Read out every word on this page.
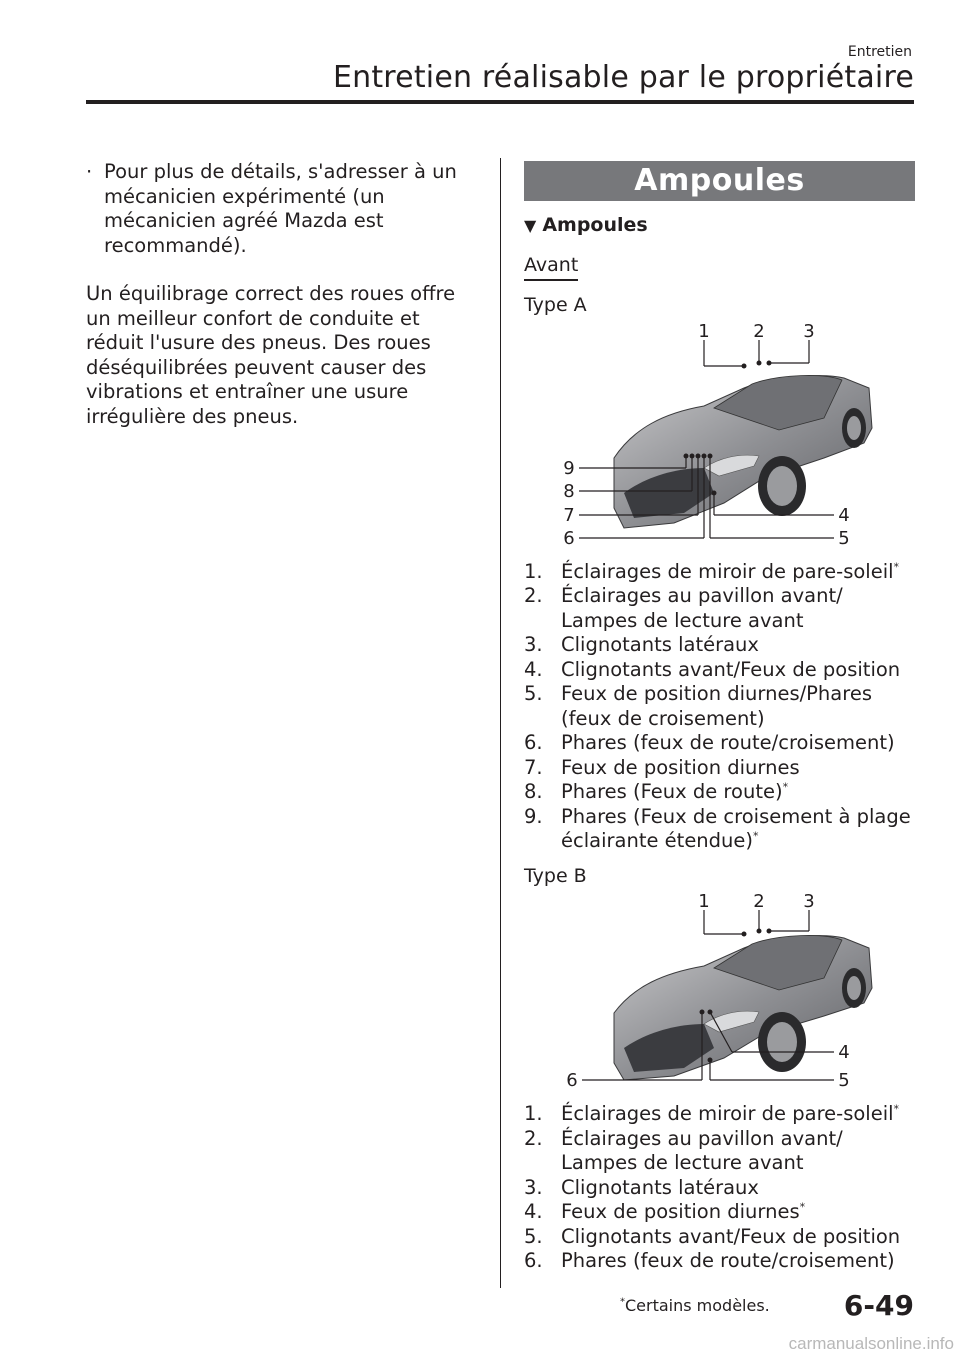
Entretien
Entretien réalisable par le propriétaire
· Pour plus de détails, s'adresser à un mécanicien expérimenté (un mécanicien agréé Mazda est recommandé).

Un équilibrage correct des roues offre un meilleur confort de conduite et réduit l'usure des pneus. Des roues déséquilibrées peuvent causer des vibrations et entraîner une usure irrégulière des pneus.

Ampoules
▼ Ampoules
Avant
Type A
1 2 3
4
5
6
7
8
9
1. Éclairages de miroir de pare-soleil*
2. Éclairages au pavillon avant/ Lampes de lecture avant
3. Clignotants latéraux
4. Clignotants avant/Feux de position
5. Feux de position diurnes/Phares (feux de croisement)
6. Phares (feux de route/croisement)
7. Feux de position diurnes
8. Phares (Feux de route)*
9. Phares (Feux de croisement à plage éclairante étendue)*
Type B
1 2 3
4
5
6
1. Éclairages de miroir de pare-soleil*
2. Éclairages au pavillon avant/ Lampes de lecture avant
3. Clignotants latéraux
4. Feux de position diurnes*
5. Clignotants avant/Feux de position
6. Phares (feux de route/croisement)
*Certains modèles.	6-49
carmanualsonline.info
